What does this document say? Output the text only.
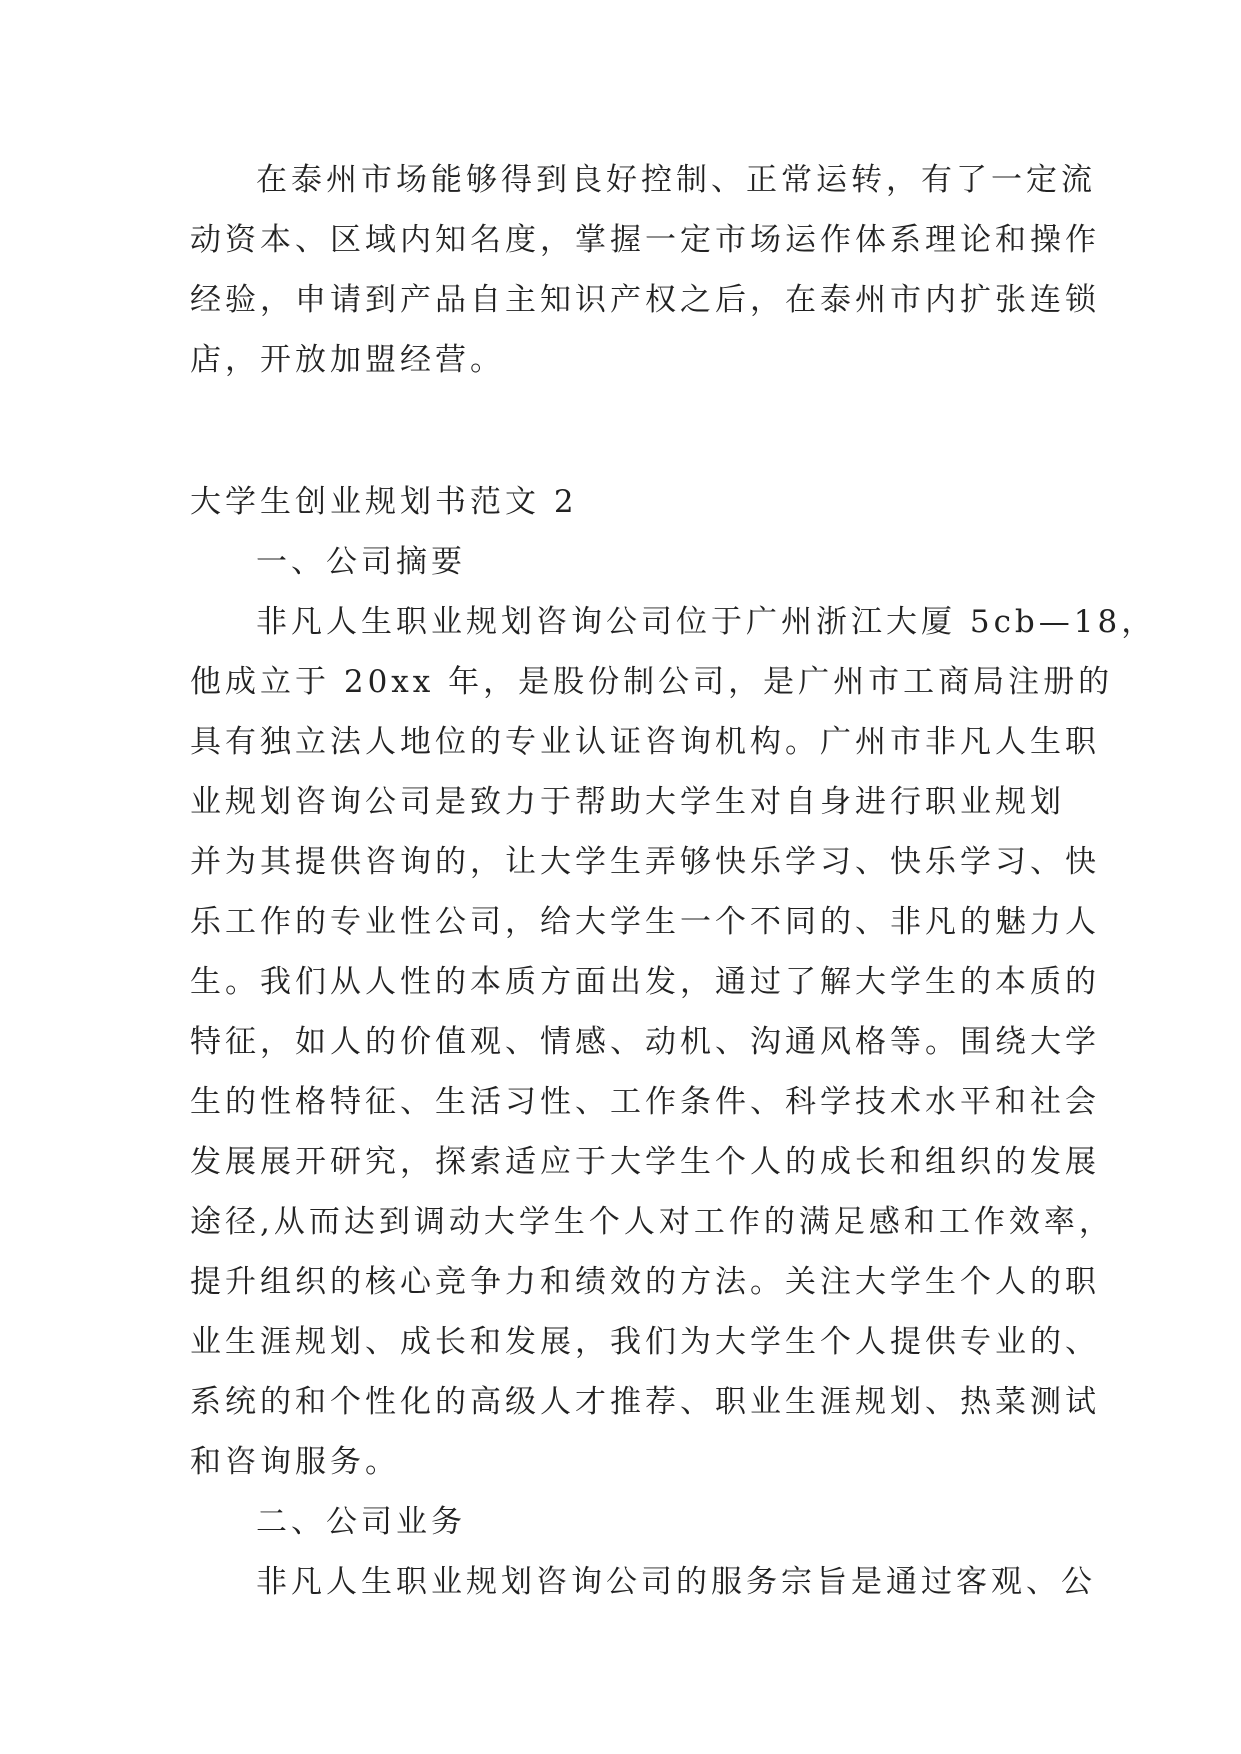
在泰州市场能够得到良好控制、正常运转，有了一定流
动资本、区域内知名度，掌握一定市场运作体系理论和操作
经验，申请到产品自主知识产权之后，在泰州市内扩张连锁
店，开放加盟经营。
大学生创业规划书范文 2
一、公司摘要
非凡人生职业规划咨询公司位于广州浙江大厦 5cb—18，
他成立于 20xx 年，是股份制公司，是广州市工商局注册的
具有独立法人地位的专业认证咨询机构。广州市非凡人生职
业规划咨询公司是致力于帮助大学生对自身进行职业规划
并为其提供咨询的，让大学生弄够快乐学习、快乐学习、快
乐工作的专业性公司，给大学生一个不同的、非凡的魅力人
生。我们从人性的本质方面出发，通过了解大学生的本质的
特征，如人的价值观、情感、动机、沟通风格等。围绕大学
生的性格特征、生活习性、工作条件、科学技术水平和社会
发展展开研究，探索适应于大学生个人的成长和组织的发展
途径,从而达到调动大学生个人对工作的满足感和工作效率，
提升组织的核心竞争力和绩效的方法。关注大学生个人的职
业生涯规划、成长和发展，我们为大学生个人提供专业的、
系统的和个性化的高级人才推荐、职业生涯规划、热菜测试
和咨询服务。
二、公司业务
非凡人生职业规划咨询公司的服务宗旨是通过客观、公
